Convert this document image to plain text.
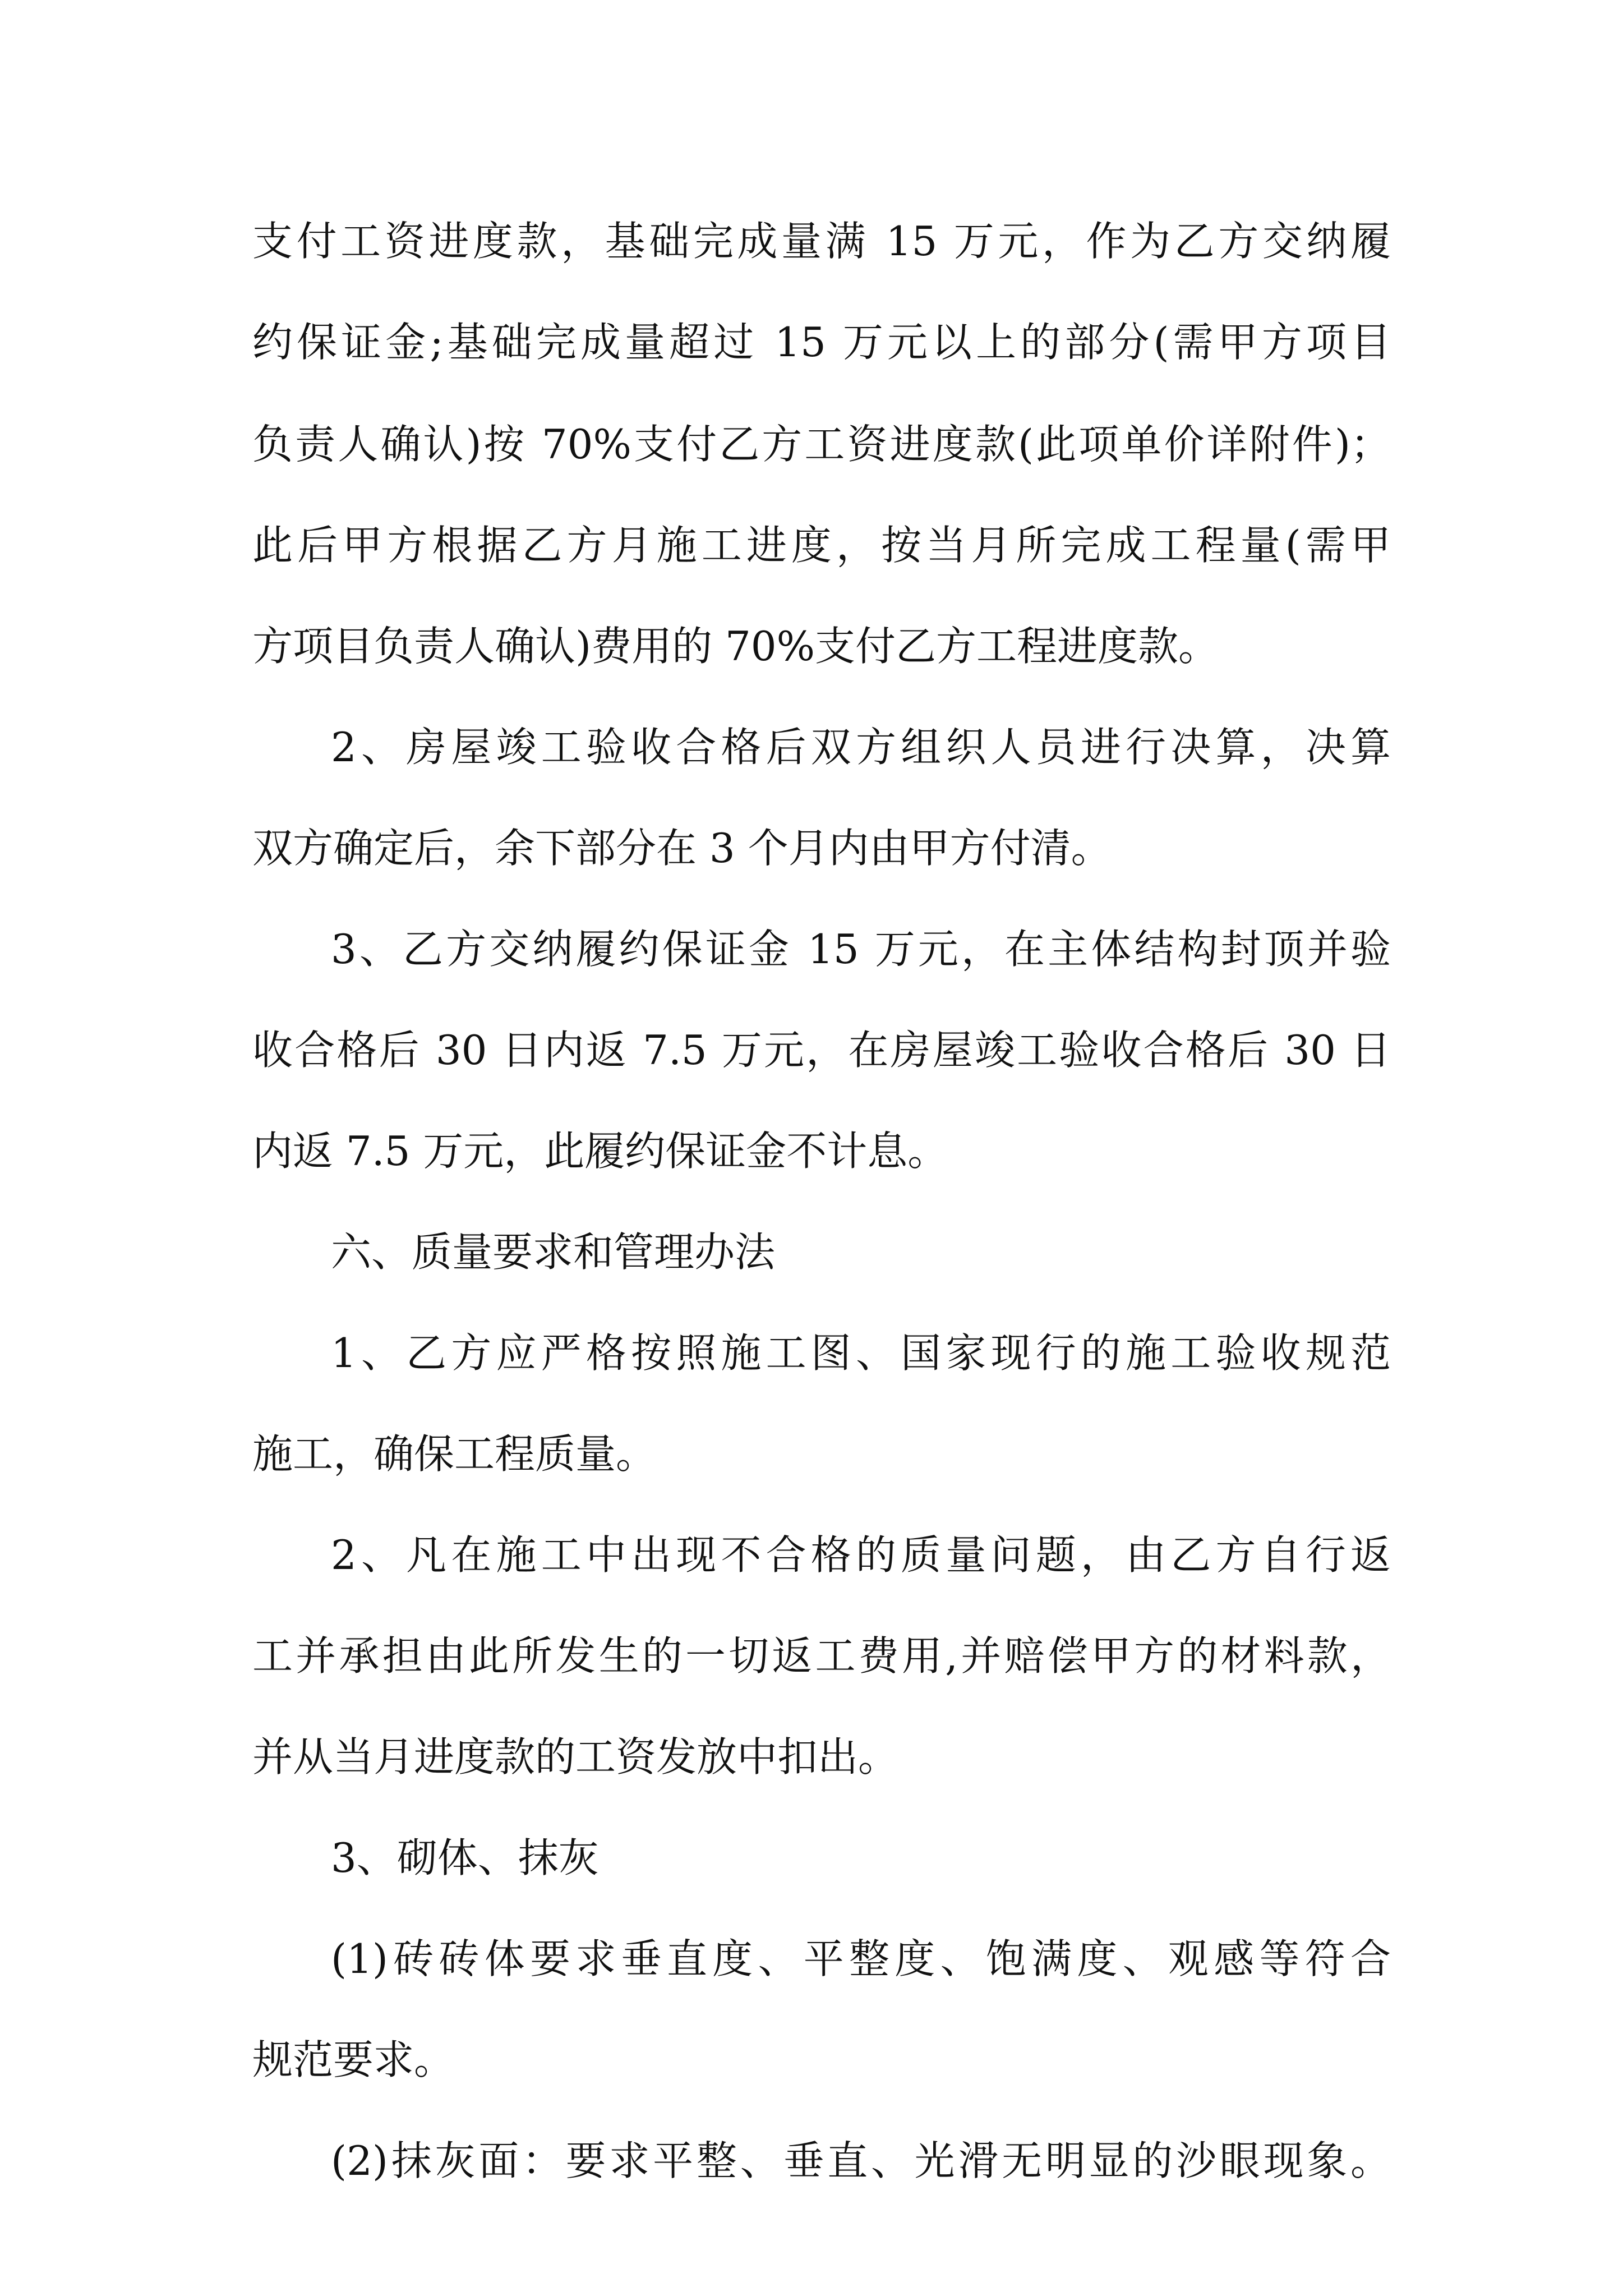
支付工资进度款，基础完成量满 15 万元，作为乙方交纳履
约保证金;基础完成量超过 15 万元以上的部分(需甲方项目
负责人确认)按 70%支付乙方工资进度款(此项单价详附件)；
此后甲方根据乙方月施工进度，按当月所完成工程量(需甲
方项目负责人确认)费用的 70%支付乙方工程进度款。
2、房屋竣工验收合格后双方组织人员进行决算，决算
双方确定后，余下部分在 3 个月内由甲方付清。
3、乙方交纳履约保证金 15 万元，在主体结构封顶并验
收合格后 30 日内返 7.5 万元，在房屋竣工验收合格后 30 日
内返 7.5 万元，此履约保证金不计息。
六、质量要求和管理办法
1、乙方应严格按照施工图、国家现行的施工验收规范
施工，确保工程质量。
2、凡在施工中出现不合格的质量问题，由乙方自行返
工并承担由此所发生的一切返工费用,并赔偿甲方的材料款，
并从当月进度款的工资发放中扣出。
3、砌体、抹灰
(1)砖砖体要求垂直度、平整度、饱满度、观感等符合
规范要求。
(2)抹灰面：要求平整、垂直、光滑无明显的沙眼现象。
